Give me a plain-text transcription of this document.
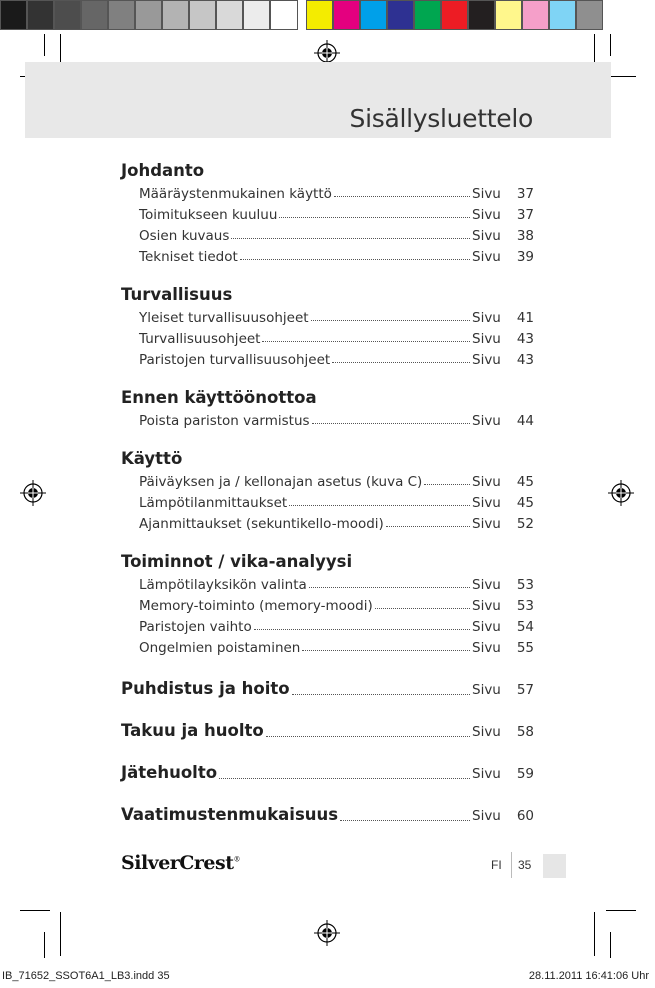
Sisällysluettelo
Johdanto
Määräystenmukainen käyttö	Sivu	37
Toimitukseen kuuluu	Sivu	37
Osien kuvaus	Sivu	38
Tekniset tiedot	Sivu	39
Turvallisuus
Yleiset turvallisuusohjeet	Sivu	41
Turvallisuusohjeet	Sivu	43
Paristojen turvallisuusohjeet	Sivu	43
Ennen käyttöönottoa
Poista pariston varmistus	Sivu	44
Käyttö
Päiväyksen ja / kellonajan asetus (kuva C)	Sivu	45
Lämpötilanmittaukset	Sivu	45
Ajanmittaukset (sekuntikello-moodi)	Sivu	52
Toiminnot / vika-analyysi
Lämpötilayksikön valinta	Sivu	53
Memory-toiminto (memory-moodi)	Sivu	53
Paristojen vaihto	Sivu	54
Ongelmien poistaminen	Sivu	55
Puhdistus ja hoito	Sivu	57
Takuu ja huolto	Sivu	58
Jätehuolto	Sivu	59
Vaatimustenmukaisuus	Sivu	60
SilverCrest®	FI 35
IB_71652_SSOT6A1_LB3.indd 35	28.11.2011 16:41:06 Uhr
